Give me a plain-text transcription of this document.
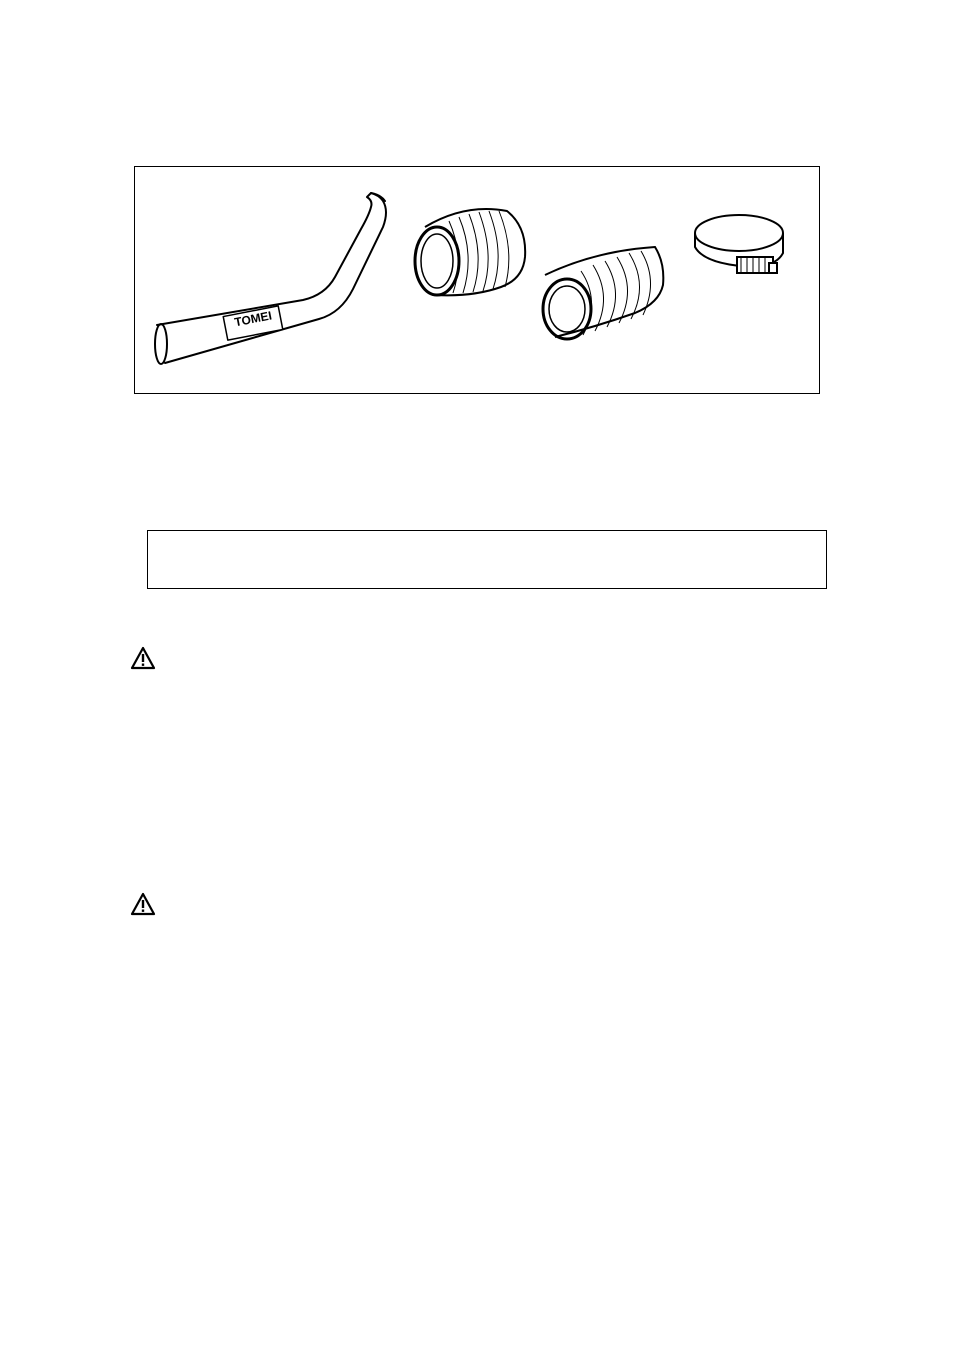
TOMEI
